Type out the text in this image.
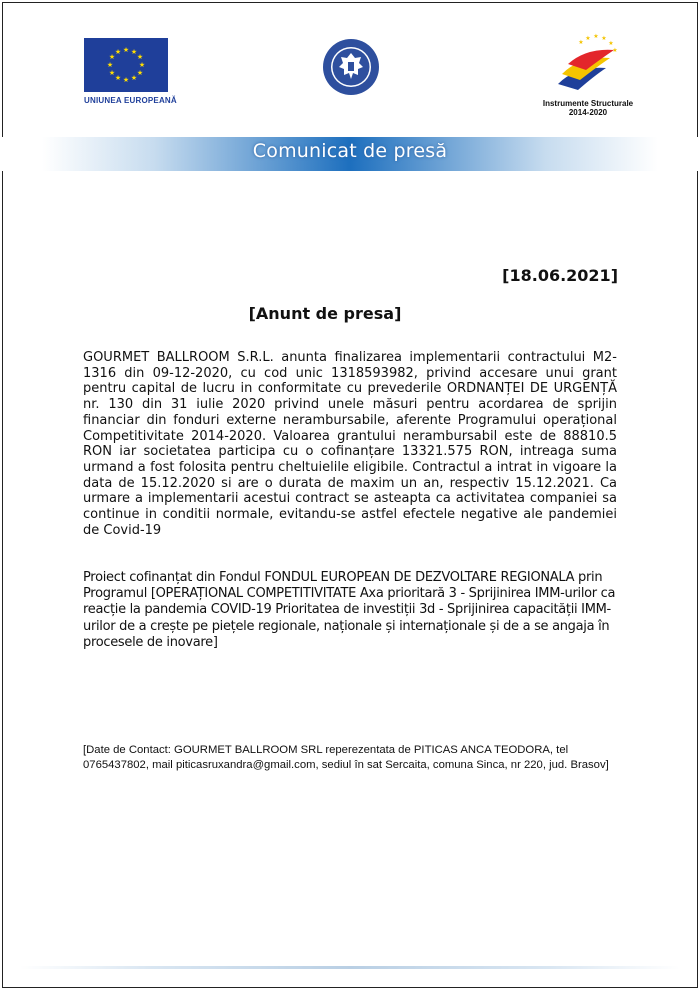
★ ★
★
★
★
★
★
★
★
★
★
★
UNIUNEA EUROPEANĂ
★ ★ ★
★
★
★
Instrumente Structurale
2014-2020
Comunicat de presă
[18.06.2021]
[Anunt de presa]
GOURMET BALLROOM S.R.L. anunta finalizarea implementarii contractului M2-1316 din 09-12-2020, cu cod unic 1318593982, privind accesare unui grant pentru capital de lucru in conformitate cu prevederile ORDNANȚEI DE URGENȚĂ nr. 130 din 31 iulie 2020 privind unele măsuri pentru acordarea de sprijin financiar din fonduri externe nerambursabile, aferente Programului operațional Competitivitate 2014-2020. Valoarea grantului nerambursabil este de 88810.5 RON iar societatea participa cu o cofinanțare 13321.575 RON, intreaga suma urmand a fost folosita pentru cheltuielile eligibile. Contractul a intrat in vigoare la data de 15.12.2020 si are o durata de maxim un an, respectiv 15.12.2021. Ca urmare a implementarii acestui contract se asteapta ca activitatea companiei sa continue in conditii normale, evitandu-se astfel efectele negative ale pandemiei de Covid-19
Proiect cofinanțat din Fondul FONDUL EUROPEAN DE DEZVOLTARE REGIONALA prin Programul [OPERAȚIONAL COMPETITIVITATE Axa prioritară 3 - Sprijinirea IMM-urilor ca reacție la pandemia COVID-19 Prioritatea de investiții 3d - Sprijinirea capacității IMM-urilor de a crește pe piețele regionale, naționale și internaționale și de a se angaja în procesele de inovare]
[Date de Contact: GOURMET BALLROOM SRL reperezentata de PITICAS ANCA TEODORA, tel 0765437802, mail piticasruxandra@gmail.com, sediul în sat Sercaita, comuna Sinca, nr 220, jud. Brasov]
